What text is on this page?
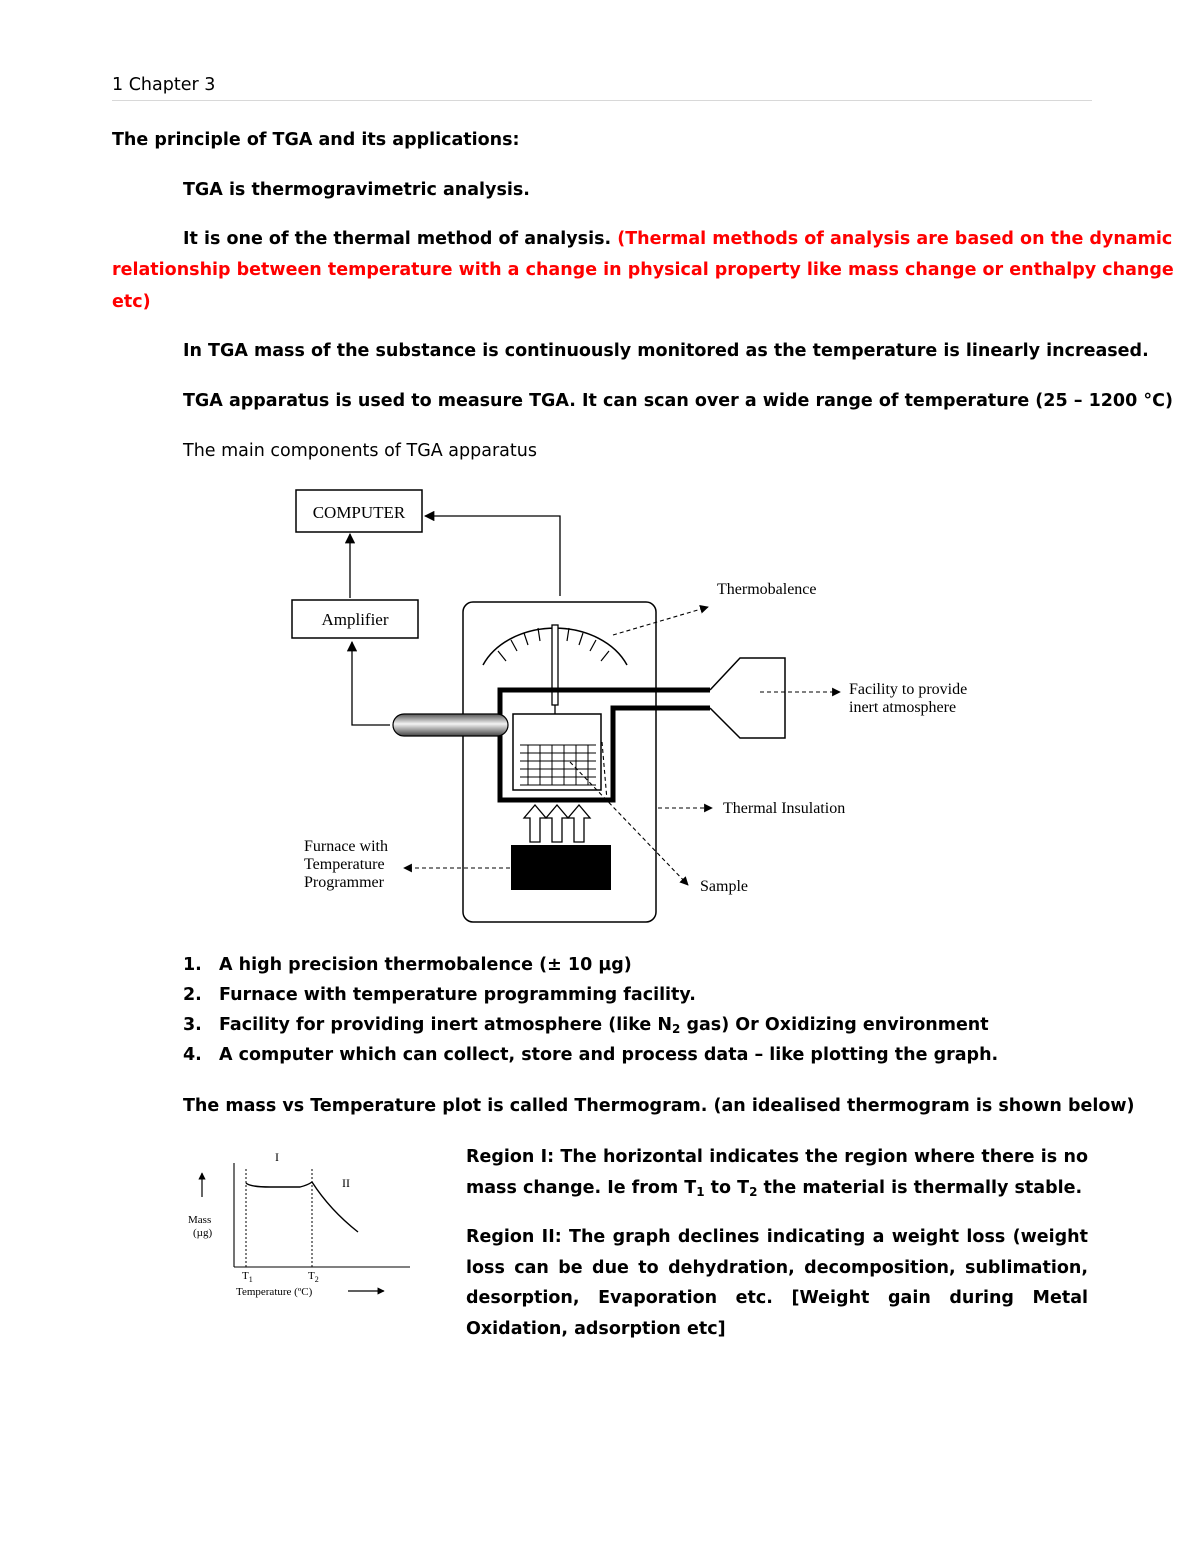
1 Chapter 3
The principle of TGA and its applications:
TGA is thermogravimetric analysis.
It is one of the thermal method of analysis. (Thermal methods of analysis are based on the dynamic
relationship between temperature with a change in physical property like mass change or enthalpy change
etc)
In TGA mass of the substance is continuously monitored as the temperature is linearly increased.
TGA apparatus is used to measure TGA. It can scan over a wide range of temperature (25 – 1200 °C)
The main components of TGA apparatus
COMPUTER
Amplifier
Thermobalence
Facility to provide
inert atmosphere
Thermal Insulation
Sample
Furnace with
Temperature
Programmer
1. A high precision thermobalence (± 10 µg)
2. Furnace with temperature programming facility.
3. Facility for providing inert atmosphere (like $N_2$ gas) Or Oxidizing environment
4. A computer which can collect, store and process data – like plotting the graph.
The mass vs Temperature plot is called Thermogram. (an idealised thermogram is shown below)
I
II
Mass
(µg)
$T_1$	$T_2$
Temperature (ºC)
Region I: The horizontal indicates the region where there is no mass change. Ie from $T_1$ to $T_2$ the material is thermally stable.
Region II: The graph declines indicating a weight loss (weight loss can be due to dehydration, decomposition, sublimation, desorption, Evaporation etc. [Weight gain during Metal Oxidation, adsorption etc]
